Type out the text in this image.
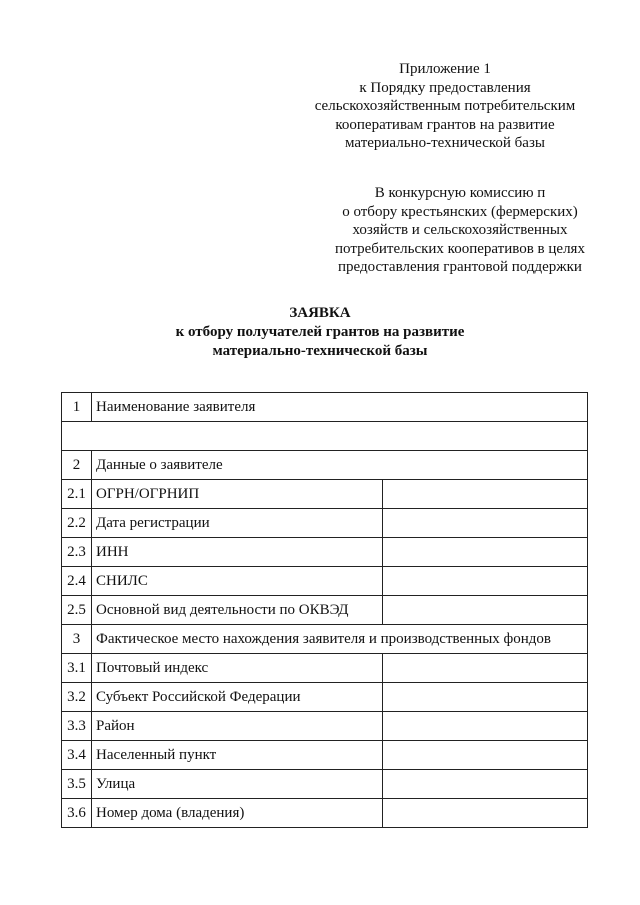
Приложение 1
к Порядку предоставления
сельскохозяйственным потребительским
кооперативам грантов на развитие
материально-технической базы
В конкурсную комиссию п
о отбору крестьянских (фермерских)
хозяйств и сельскохозяйственных
потребительских кооперативов в целях
предоставления грантовой поддержки
ЗАЯВКА
к отбору получателей грантов на развитие
материально-технической базы
1	Наименование заявителя	

2	Данные о заявителе	
2.1	ОГРН/ОГРНИП	
2.2	Дата регистрации	
2.3	ИНН	
2.4	СНИЛС	
2.5	Основной вид деятельности по ОКВЭД	
3	Фактическое место нахождения заявителя и производственных фондов	
3.1	Почтовый индекс	
3.2	Субъект Российской Федерации	
3.3	Район	
3.4	Населенный пункт	
3.5	Улица	
3.6	Номер дома (владения)	
